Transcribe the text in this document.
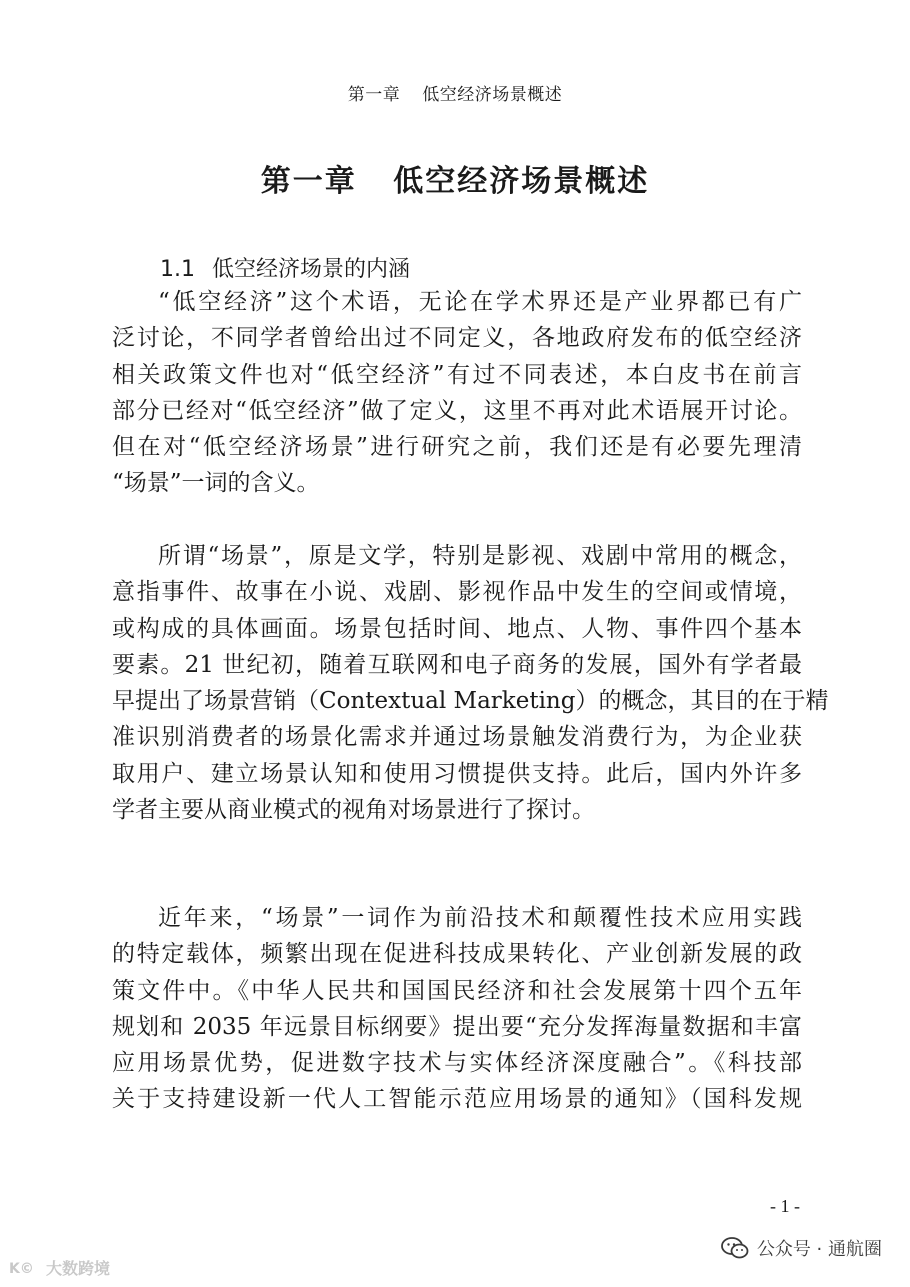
第一章 低空经济场景概述
第一章 低空经济场景概述
1.1 低空经济场景的内涵
“低空经济”这个术语，无论在学术界还是产业界都已有广
泛讨论，不同学者曾给出过不同定义，各地政府发布的低空经济
相关政策文件也对“低空经济”有过不同表述，本白皮书在前言
部分已经对“低空经济”做了定义，这里不再对此术语展开讨论。
但在对“低空经济场景”进行研究之前，我们还是有必要先理清
“场景”一词的含义。
所谓“场景”，原是文学，特别是影视、戏剧中常用的概念，
意指事件、故事在小说、戏剧、影视作品中发生的空间或情境，
或构成的具体画面。场景包括时间、地点、人物、事件四个基本
要素。21 世纪初，随着互联网和电子商务的发展，国外有学者最
早提出了场景营销（Contextual Marketing）的概念，其目的在于精
准识别消费者的场景化需求并通过场景触发消费行为，为企业获
取用户、建立场景认知和使用习惯提供支持。此后，国内外许多
学者主要从商业模式的视角对场景进行了探讨。
近年来，“场景”一词作为前沿技术和颠覆性技术应用实践
的特定载体，频繁出现在促进科技成果转化、产业创新发展的政
策文件中。《中华人民共和国国民经济和社会发展第十四个五年
规划和 2035 年远景目标纲要》提出要“充分发挥海量数据和丰富
应用场景优势，促进数字技术与实体经济深度融合”。《科技部
关于支持建设新一代人工智能示范应用场景的通知》（国科发规
- 1 -
K© 大数跨境
公众号 · 通航圈
